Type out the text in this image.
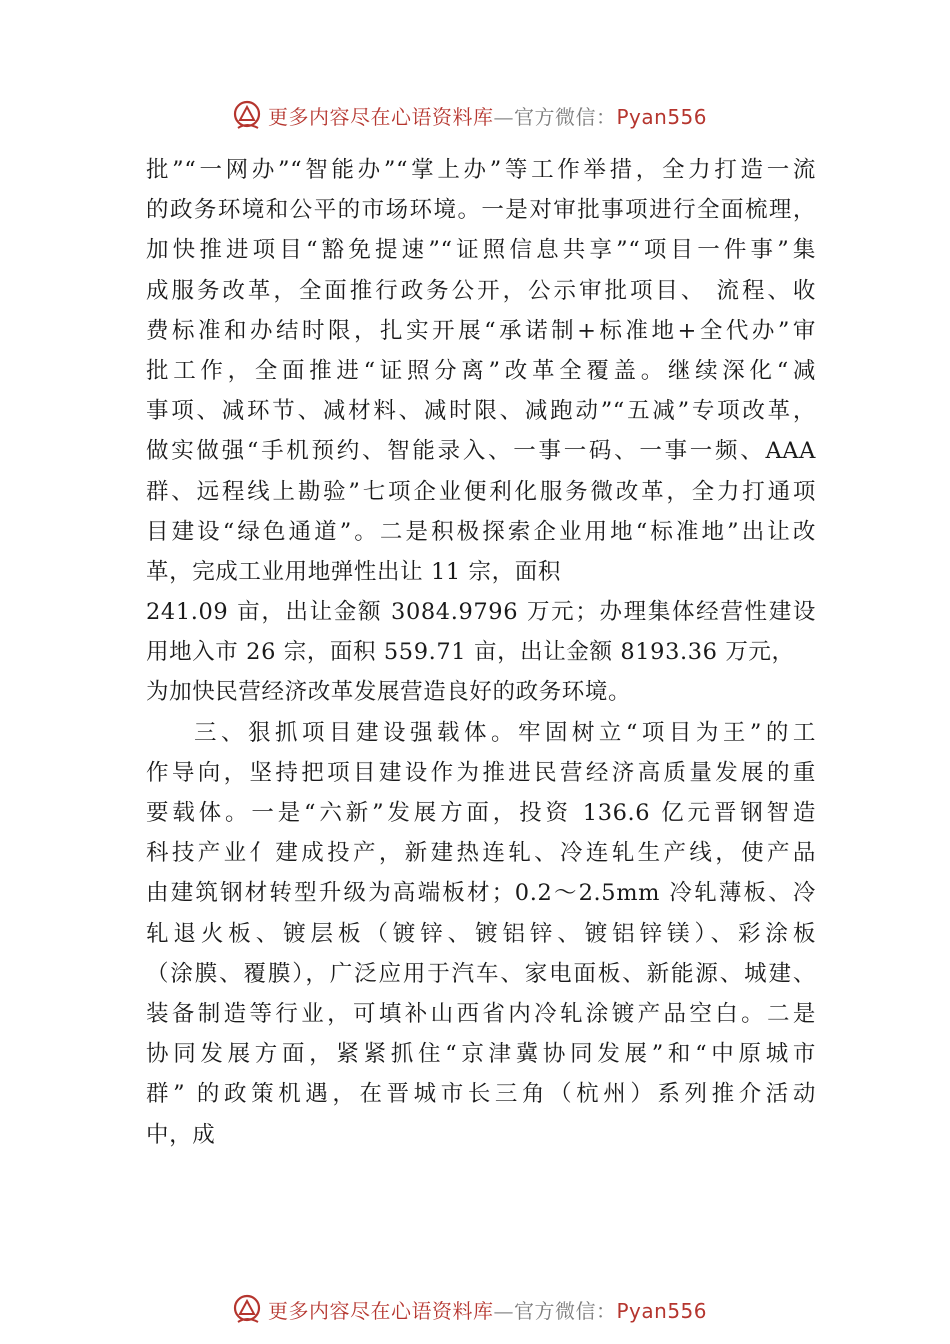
更多内容尽在心语资料库—官方微信：Pyan556
批”“一网办”“智能办”“掌上办”等工作举措，全力打造一流
的政务环境和公平的市场环境。一是对审批事项进行全面梳理，
加快推进项目“豁免提速”“证照信息共享”“项目一件事”集
成服务改革，全面推行政务公开，公示审批项目、 流程、收
费标准和办结时限，扎实开展“承诺制+标准地+全代办”审
批工作，全面推进“证照分离”改革全覆盖。继续深化“减
事项、减环节、减材料、减时限、减跑动”“五减”专项改革，
做实做强“手机预约、智能录入、一事一码、一事一频、AAA
群、远程线上勘验”七项企业便利化服务微改革，全力打通项
目建设“绿色通道”。二是积极探索企业用地“标准地”出让改
革，完成工业用地弹性出让 11 宗，面积
241.09 亩，出让金额 3084.9796 万元；办理集体经营性建设
用地入市 26 宗，面积 559.71 亩，出让金额 8193.36 万元，
为加快民营经济改革发展营造良好的政务环境。
三、狠抓项目建设强载体。牢固树立“项目为王”的工
作导向，坚持把项目建设作为推进民营经济高质量发展的重
要载体。一是“六新”发展方面，投资 136.6 亿元晋钢智造
科技产业⺅建成投产，新建热连轧、冷连轧生产线，使产品
由建筑钢材转型升级为高端板材；0.2～2.5mm 冷轧薄板、冷
轧退火板、镀层板（镀锌、镀铝锌、镀铝锌镁）、彩涂板
（涂膜、覆膜），广泛应用于汽车、家电面板、新能源、城建、
装备制造等行业，可填补山西省内冷轧涂镀产品空白。二是
协同发展方面，紧紧抓住“京津冀协同发展”和“中原城市
群” 的政策机遇，在晋城市长三角（杭州）系列推介活动
中，成
更多内容尽在心语资料库—官方微信：Pyan556
